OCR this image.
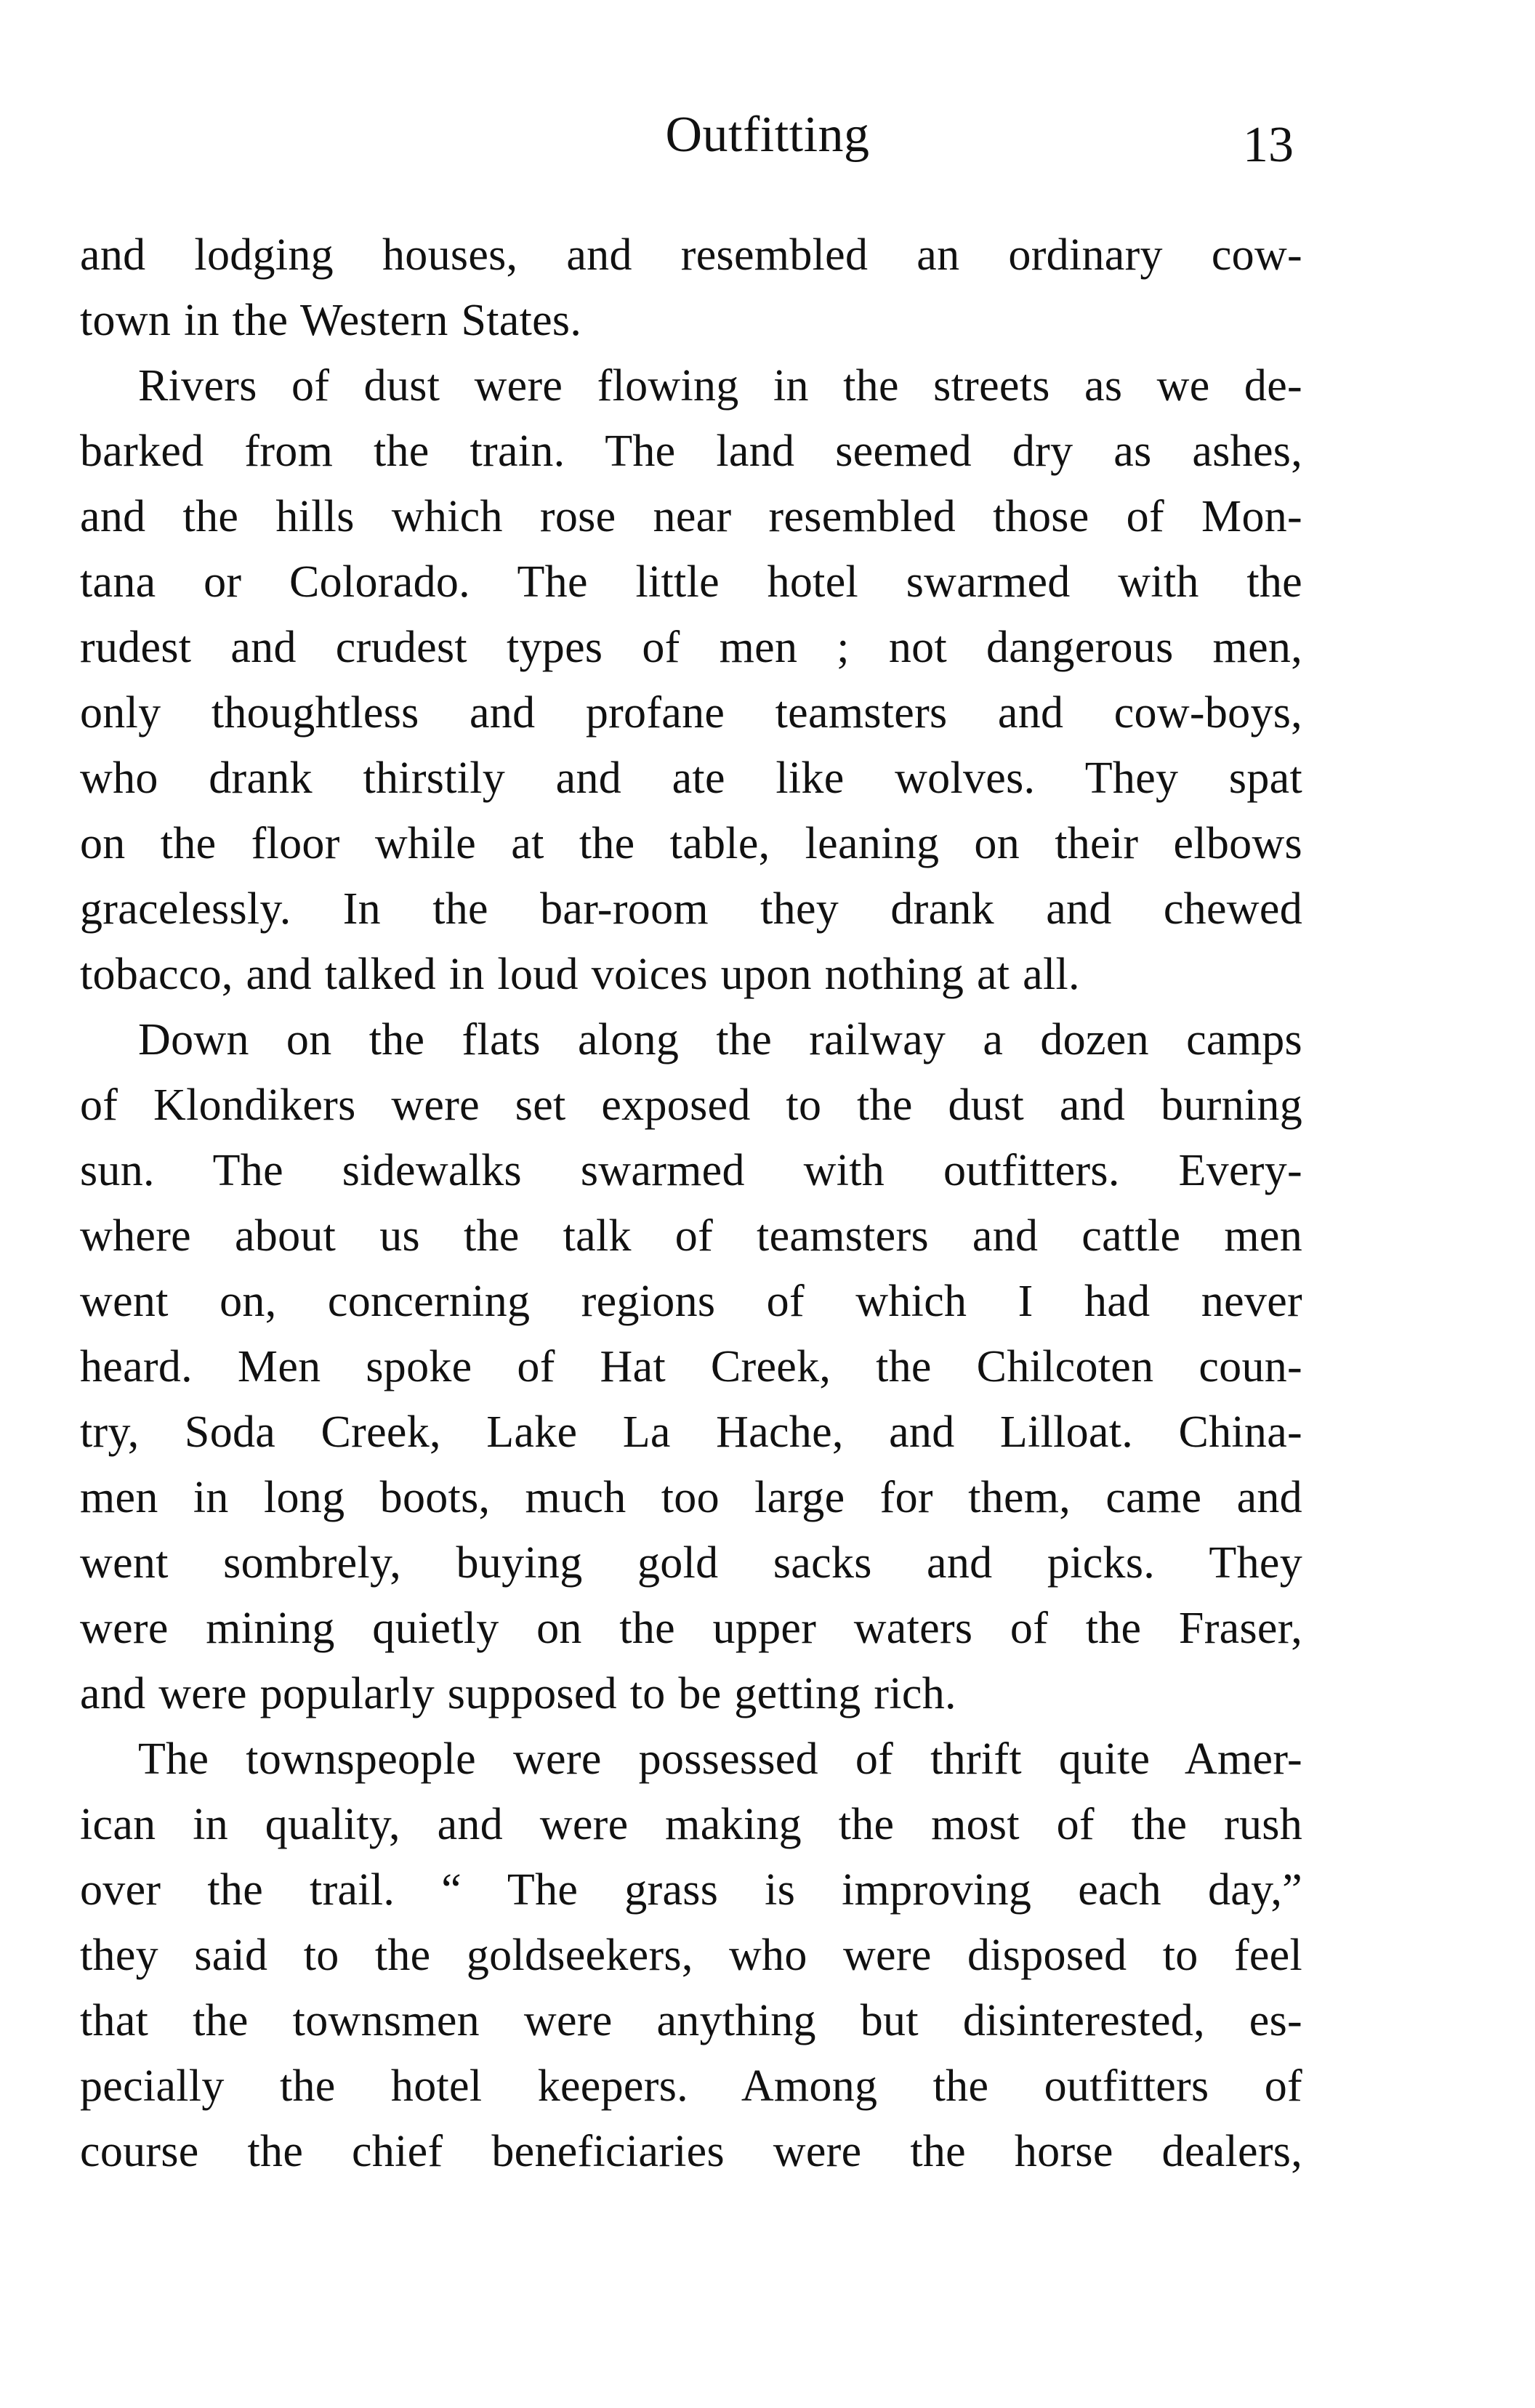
Outfitting	13
and lodging houses, and resembled an ordinary cow-
town in the Western States.
Rivers of dust were flowing in the streets as we de-
barked from the train. The land seemed dry as ashes,
and the hills which rose near resembled those of Mon-
tana or Colorado. The little hotel swarmed with the
rudest and crudest types of men ; not dangerous men,
only thoughtless and profane teamsters and cow-boys,
who drank thirstily and ate like wolves. They spat
on the floor while at the table, leaning on their elbows
gracelessly. In the bar-room they drank and chewed
tobacco, and talked in loud voices upon nothing at all.
Down on the flats along the railway a dozen camps
of Klondikers were set exposed to the dust and burning
sun. The sidewalks swarmed with outfitters. Every-
where about us the talk of teamsters and cattle men
went on, concerning regions of which I had never
heard. Men spoke of Hat Creek, the Chilcoten coun-
try, Soda Creek, Lake La Hache, and Lilloat. China-
men in long boots, much too large for them, came and
went sombrely, buying gold sacks and picks. They
were mining quietly on the upper waters of the Fraser,
and were popularly supposed to be getting rich.
The townspeople were possessed of thrift quite Amer-
ican in quality, and were making the most of the rush
over the trail. “ The grass is improving each day,”
they said to the goldseekers, who were disposed to feel
that the townsmen were anything but disinterested, es-
pecially the hotel keepers. Among the outfitters of
course the chief beneficiaries were the horse dealers,
